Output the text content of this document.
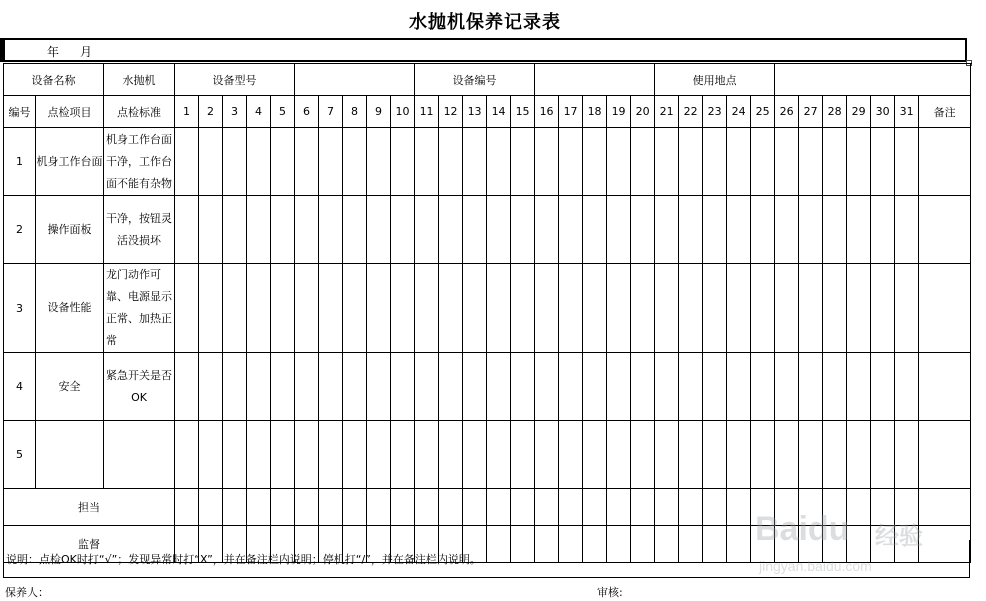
水抛机保养记录表
年 月
设备名称		水抛机	设备型号										设备编号										使用地点											
编号	点检项目	点检标准	1	2	3	4	5	6	7	8	9	10	11	12	13	14	15	16	17	18	19	20	21	22	23	24	25	26	27	28	29	30	31	备注
1	机身工作台面	机身工作台面干净，工作台面不能有杂物																																
2	操作面板	干净，按钮灵活没损坏																																
3	设备性能	龙门动作可靠、电源显示正常、加热正常																																
4	安全	紧急开关是否OK																																
5																																		
担当																																		
监督																																		
说明：点检OK时打“√”；发现异常时打“X”，并在备注栏内说明；停机打“/”，并在备注栏内说明。
保养人：	审核:
Baidu 经验
jingyan.baidu.com
